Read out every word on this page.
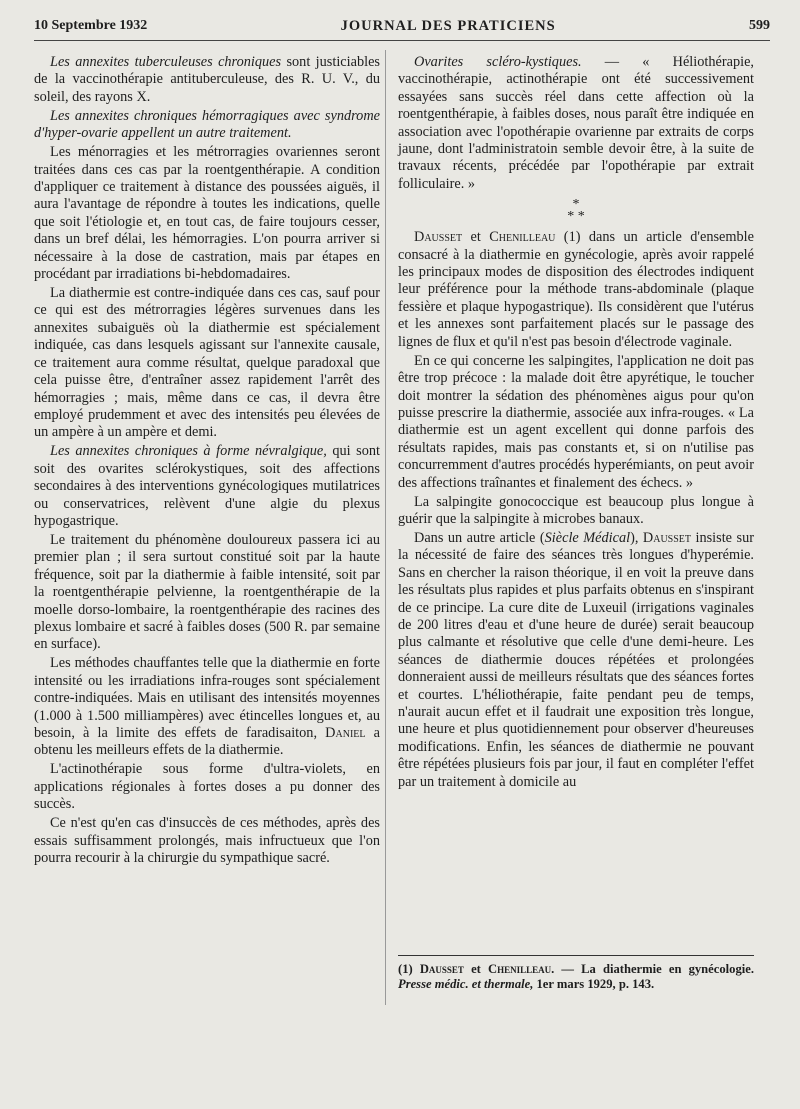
10 Septembre 1932	JOURNAL DES PRATICIENS	599

Les annexites tuberculeuses chroniques sont justiciables de la vaccinothérapie antituberculeuse, des R. U. V., du soleil, des rayons X.

Les annexites chroniques hémorragiques avec syndrome d'hyper-ovarie appellent un autre traitement.

Les ménorragies et les métrorragies ovariennes seront traitées dans ces cas par la roentgenthérapie. A condition d'appliquer ce traitement à distance des poussées aiguës, il aura l'avantage de répondre à toutes les indications, quelle que soit l'étiologie et, en tout cas, de faire toujours cesser, dans un bref délai, les hémorragies. L'on pourra arriver si nécessaire à la dose de castration, mais par étapes en procédant par irradiations bi-hebdomadaires.

La diathermie est contre-indiquée dans ces cas, sauf pour ce qui est des métrorragies légères survenues dans les annexites subaiguës où la diathermie est spécialement indiquée, cas dans lesquels agissant sur l'annexite causale, ce traitement aura comme résultat, quelque paradoxal que cela puisse être, d'entraîner assez rapidement l'arrêt des hémorragies ; mais, même dans ce cas, il devra être employé prudemment et avec des intensités peu élevées de un ampère à un ampère et demi.

Les annexites chroniques à forme névralgique, qui sont soit des ovarites sclérokystiques, soit des affections secondaires à des interventions gynécologiques mutilatrices ou conservatrices, relèvent d'une algie du plexus hypogastrique.

Le traitement du phénomène douloureux passera ici au premier plan ; il sera surtout constitué soit par la haute fréquence, soit par la diathermie à faible intensité, soit par la roentgenthérapie pelvienne, la roentgenthérapie de la moelle dorso-lombaire, la roentgenthérapie des racines des plexus lombaire et sacré à faibles doses (500 R. par semaine en surface).

Les méthodes chauffantes telle que la diathermie en forte intensité ou les irradiations infra-rouges sont spécialement contre-indiquées. Mais en utilisant des intensités moyennes (1.000 à 1.500 milliampères) avec étincelles longues et, au besoin, à la limite des effets de faradisaiton, Daniel a obtenu les meilleurs effets de la diathermie.

L'actinothérapie sous forme d'ultra-violets, en applications régionales à fortes doses a pu donner des succès.

Ce n'est qu'en cas d'insuccès de ces méthodes, après des essais suffisamment prolongés, mais infructueux que l'on pourra recourir à la chirurgie du sympathique sacré.

Ovarites scléro-kystiques. — « Héliothérapie, vaccinothérapie, actinothérapie ont été successivement essayées sans succès réel dans cette affection où la roentgenthérapie, à faibles doses, nous paraît être indiquée en association avec l'opothérapie ovarienne par extraits de corps jaune, dont l'administratoin semble devoir être, à la suite de travaux récents, précédée par l'opothérapie par extrait folliculaire. »

*
* *

Dausset et Chenilleau (1) dans un article d'ensemble consacré à la diathermie en gynécologie, après avoir rappelé les principaux modes de disposition des électrodes indiquent leur préférence pour la méthode trans-abdominale (plaque fessière et plaque hypogastrique). Ils considèrent que l'utérus et les annexes sont parfaitement placés sur le passage des lignes de flux et qu'il n'est pas besoin d'électrode vaginale.

En ce qui concerne les salpingites, l'application ne doit pas être trop précoce : la malade doit être apyrétique, le toucher doit montrer la sédation des phénomènes aigus pour qu'on puisse prescrire la diathermie, associée aux infra-rouges. « La diathermie est un agent excellent qui donne parfois des résultats rapides, mais pas constants et, si on n'utilise pas concurremment d'autres procédés hyperémiants, on peut avoir des affections traînantes et finalement des échecs. »

La salpingite gonococcique est beaucoup plus longue à guérir que la salpingite à microbes banaux.

Dans un autre article (Siècle Médical), Dausset insiste sur la nécessité de faire des séances très longues d'hyperémie. Sans en chercher la raison théorique, il en voit la preuve dans les résultats plus rapides et plus parfaits obtenus en s'inspirant de ce principe. La cure dite de Luxeuil (irrigations vaginales de 200 litres d'eau et d'une heure de durée) serait beaucoup plus calmante et résolutive que celle d'une demi-heure. Les séances de diathermie douces répétées et prolongées donneraient aussi de meilleurs résultats que des séances fortes et courtes. L'héliothérapie, faite pendant peu de temps, n'aurait aucun effet et il faudrait une exposition très longue, une heure et plus quotidiennement pour observer d'heureuses modifications. Enfin, les séances de diathermie ne pouvant être répétées plusieurs fois par jour, il faut en compléter l'effet par un traitement à domicile au

(1) Dausset et Chenilleau. — La diathermie en gynécologie. Presse médic. et thermale, 1er mars 1929, p. 143.
